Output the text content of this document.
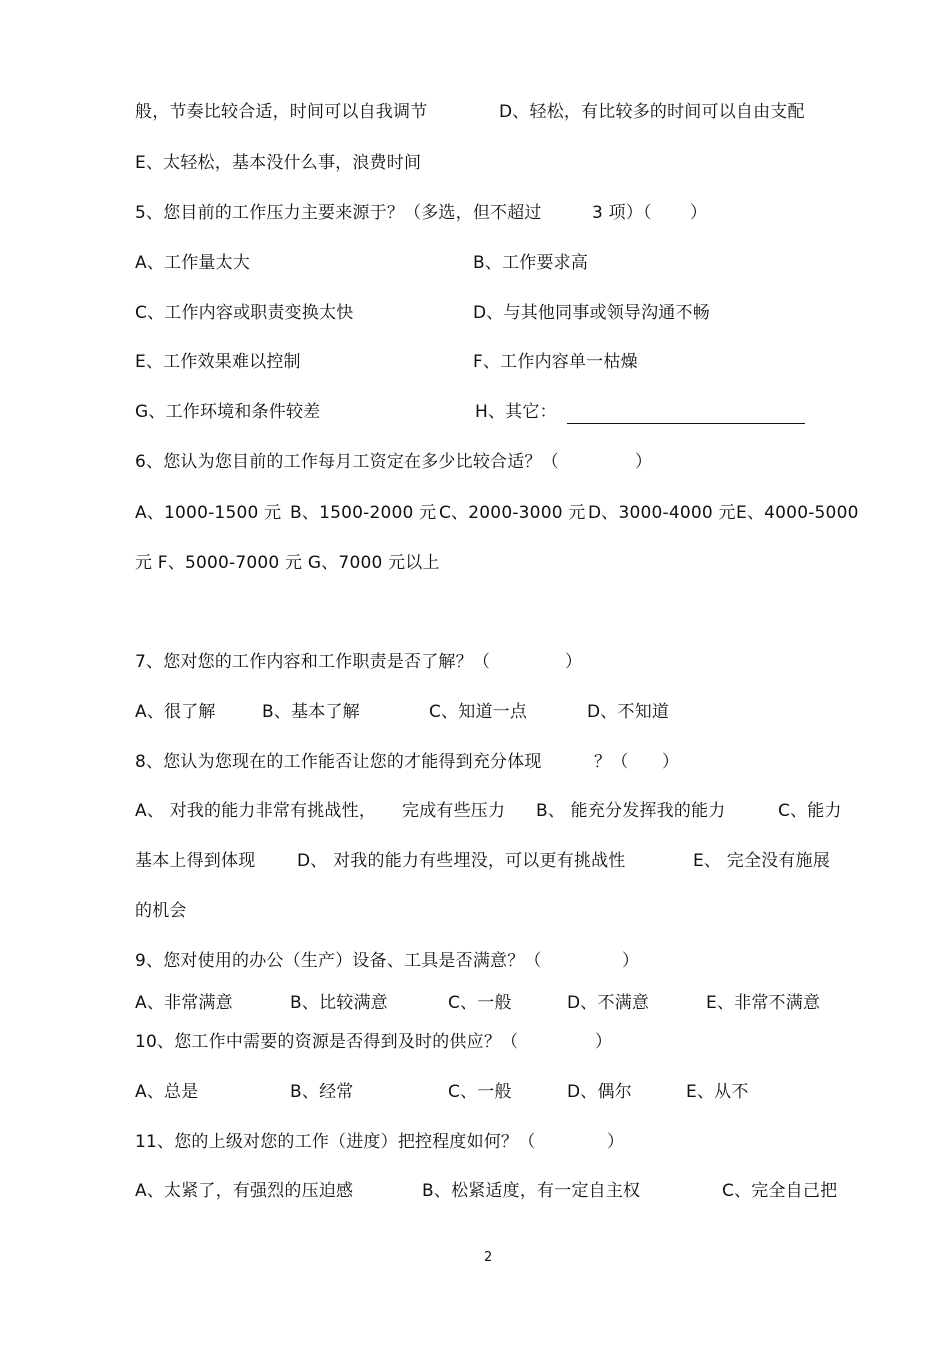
般，节奏比较合适，时间可以自我调节	D、轻松，有比较多的时间可以自由支配
E、太轻松，基本没什么事，浪费时间
5、您目前的工作压力主要来源于？（多选，但不超过	3 项）（ ）
A、工作量太大	B、工作要求高
C、工作内容或职责变换太快	D、与其他同事或领导沟通不畅
E、工作效果难以控制	F、工作内容单一枯燥
G、工作环境和条件较差	H、其它：
6、您认为您目前的工作每月工资定在多少比较合适？（	）
A、1000-1500 元 B、1500-2000 元 C、2000-3000 元 D、3000-4000 元 E、4000-5000
元 F、5000-7000 元 G、7000 元以上
7、您对您的工作内容和工作职责是否了解？（	）
A、很了解	B、基本了解	C、知道一点	D、不知道
8、您认为您现在的工作能否让您的才能得到充分体现	？（ ）
A、 对我的能力非常有挑战性， 完成有些压力 B、 能充分发挥我的能力	C、能力
基本上得到体现 D、 对我的能力有些埋没，可以更有挑战性	E、 完全没有施展
的机会
9、您对使用的办公（生产）设备、工具是否满意？（	）
A、非常满意	B、比较满意	C、一般	D、不满意	E、非常不满意
10、您工作中需要的资源是否得到及时的供应？（	）
A、总是	B、经常	C、一般	D、偶尔	E、从不
11、您的上级对您的工作（进度）把控程度如何？（	）
A、太紧了，有强烈的压迫感	B、松紧适度，有一定自主权	C、完全自己把
2
